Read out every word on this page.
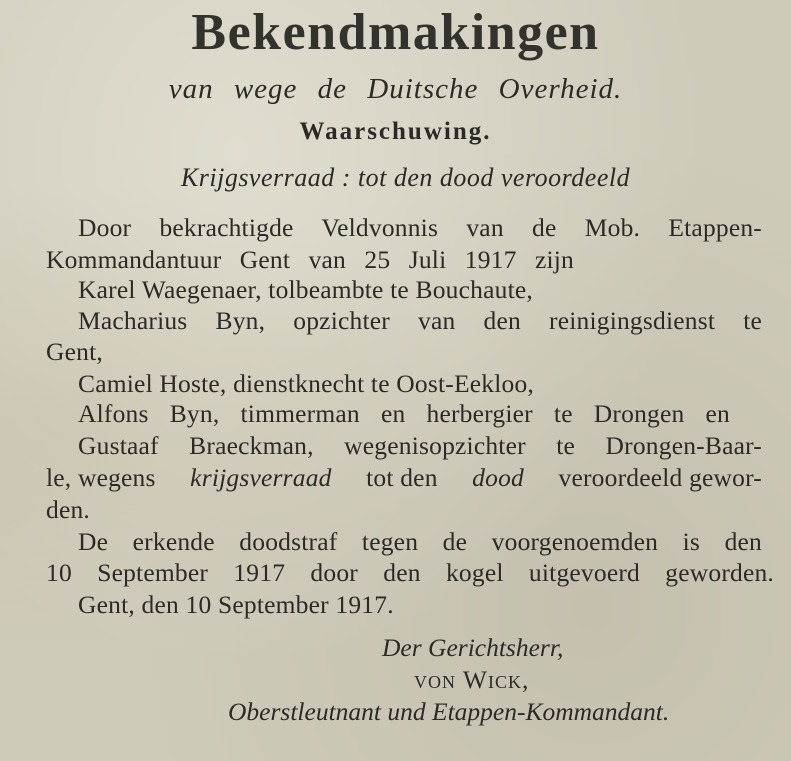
Bekendmakingen
van wege de Duitsche Overheid.
Waarschuwing.
Krijgsverraad : tot den dood veroordeeld
Door bekrachtigde Veldvonnis van de Mob. Etappen-
Kommandantuur Gent van 25 Juli 1917 zijn
Karel Waegenaer, tolbeambte te Bouchaute,
Macharius Byn, opzichter van den reinigingsdienst te
Gent,
Camiel Hoste, dienstknecht te Oost-Eekloo,
Alfons Byn, timmerman en herbergier te Drongen en
Gustaaf Braeckman, wegenisopzichter te Drongen-Baar-
le, wegens krijgsverraad tot den dood veroordeeld gewor-
den.
De erkende doodstraf tegen de voorgenoemden is den
10 September 1917 door den kogel uitgevoerd geworden.
Gent, den 10 September 1917.
Der Gerichtsherr,
von Wick,
Oberstleutnant und Etappen-Kommandant.
